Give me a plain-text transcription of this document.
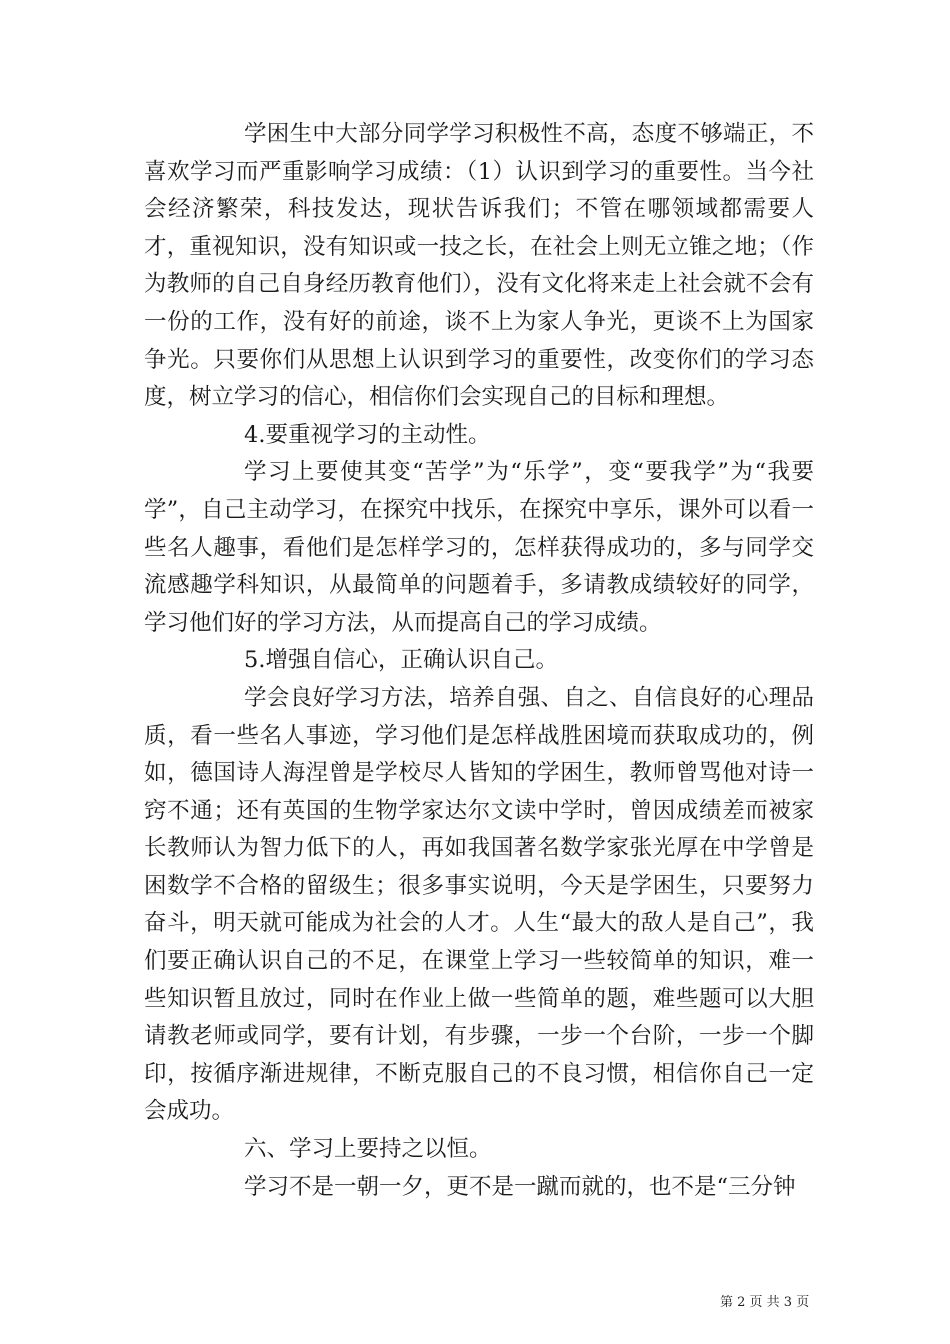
学困生中大部分同学学习积极性不高，态度不够端正，不喜欢学习而严重影响学习成绩：（1）认识到学习的重要性。当今社会经济繁荣，科技发达，现状告诉我们；不管在哪领域都需要人才，重视知识，没有知识或一技之长，在社会上则无立锥之地；（作为教师的自己自身经历教育他们），没有文化将来走上社会就不会有一份的工作，没有好的前途，谈不上为家人争光，更谈不上为国家争光。只要你们从思想上认识到学习的重要性，改变你们的学习态度，树立学习的信心，相信你们会实现自己的目标和理想。

4.要重视学习的主动性。

学习上要使其变“苦学”为“乐学”，变“要我学”为“我要学”，自己主动学习，在探究中找乐，在探究中享乐，课外可以看一些名人趣事，看他们是怎样学习的，怎样获得成功的，多与同学交流感趣学科知识，从最简单的问题着手，多请教成绩较好的同学，学习他们好的学习方法，从而提高自己的学习成绩。

5.增强自信心，正确认识自己。

学会良好学习方法，培养自强、自之、自信良好的心理品质，看一些名人事迹，学习他们是怎样战胜困境而获取成功的，例如，德国诗人海涅曾是学校尽人皆知的学困生，教师曾骂他对诗一窍不通；还有英国的生物学家达尔文读中学时，曾因成绩差而被家长教师认为智力低下的人，再如我国著名数学家张光厚在中学曾是困数学不合格的留级生；很多事实说明，今天是学困生，只要努力奋斗，明天就可能成为社会的人才。人生“最大的敌人是自己”，我们要正确认识自己的不足，在课堂上学习一些较简单的知识，难一些知识暂且放过，同时在作业上做一些简单的题，难些题可以大胆请教老师或同学，要有计划，有步骤，一步一个台阶，一步一个脚印，按循序渐进规律，不断克服自己的不良习惯，相信你自己一定会成功。

六、学习上要持之以恒。

学习不是一朝一夕，更不是一蹴而就的，也不是“三分钟

第 2 页 共 3 页
